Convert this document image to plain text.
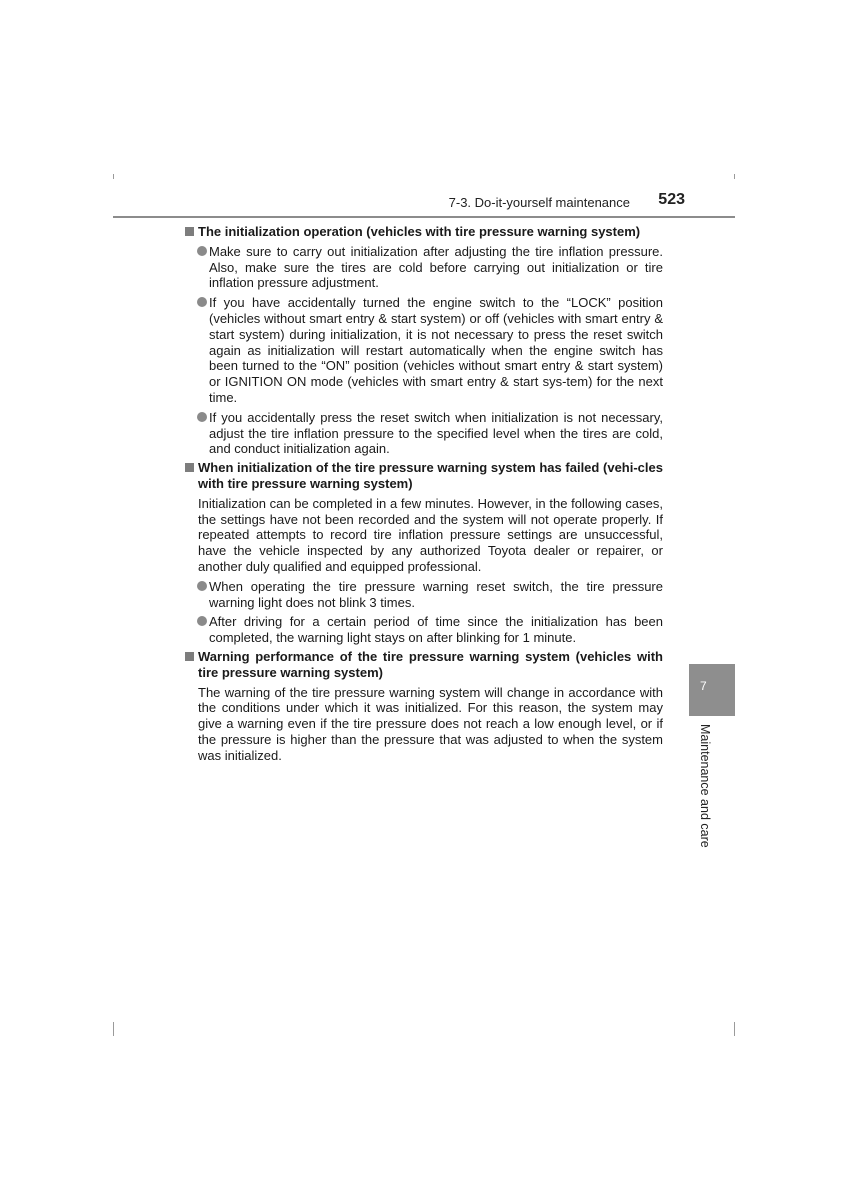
7-3. Do-it-yourself maintenance	523
The initialization operation (vehicles with tire pressure warning system)
Make sure to carry out initialization after adjusting the tire inflation pressure. Also, make sure the tires are cold before carrying out initialization or tire inflation pressure adjustment.
If you have accidentally turned the engine switch to the “LOCK” position (vehicles without smart entry & start system) or off (vehicles with smart entry & start system) during initialization, it is not necessary to press the reset switch again as initialization will restart automatically when the engine switch has been turned to the “ON” position (vehicles without smart entry & start system) or IGNITION ON mode (vehicles with smart entry & start sys-tem) for the next time.
If you accidentally press the reset switch when initialization is not necessary, adjust the tire inflation pressure to the specified level when the tires are cold, and conduct initialization again.
When initialization of the tire pressure warning system has failed (vehi-cles with tire pressure warning system)
Initialization can be completed in a few minutes. However, in the following cases, the settings have not been recorded and the system will not operate properly. If repeated attempts to record tire inflation pressure settings are unsuccessful, have the vehicle inspected by any authorized Toyota dealer or repairer, or another duly qualified and equipped professional.
When operating the tire pressure warning reset switch, the tire pressure warning light does not blink 3 times.
After driving for a certain period of time since the initialization has been completed, the warning light stays on after blinking for 1 minute.
Warning performance of the tire pressure warning system (vehicles with tire pressure warning system)
The warning of the tire pressure warning system will change in accordance with the conditions under which it was initialized. For this reason, the system may give a warning even if the tire pressure does not reach a low enough level, or if the pressure is higher than the pressure that was adjusted to when the system was initialized.
7
Maintenance and care
